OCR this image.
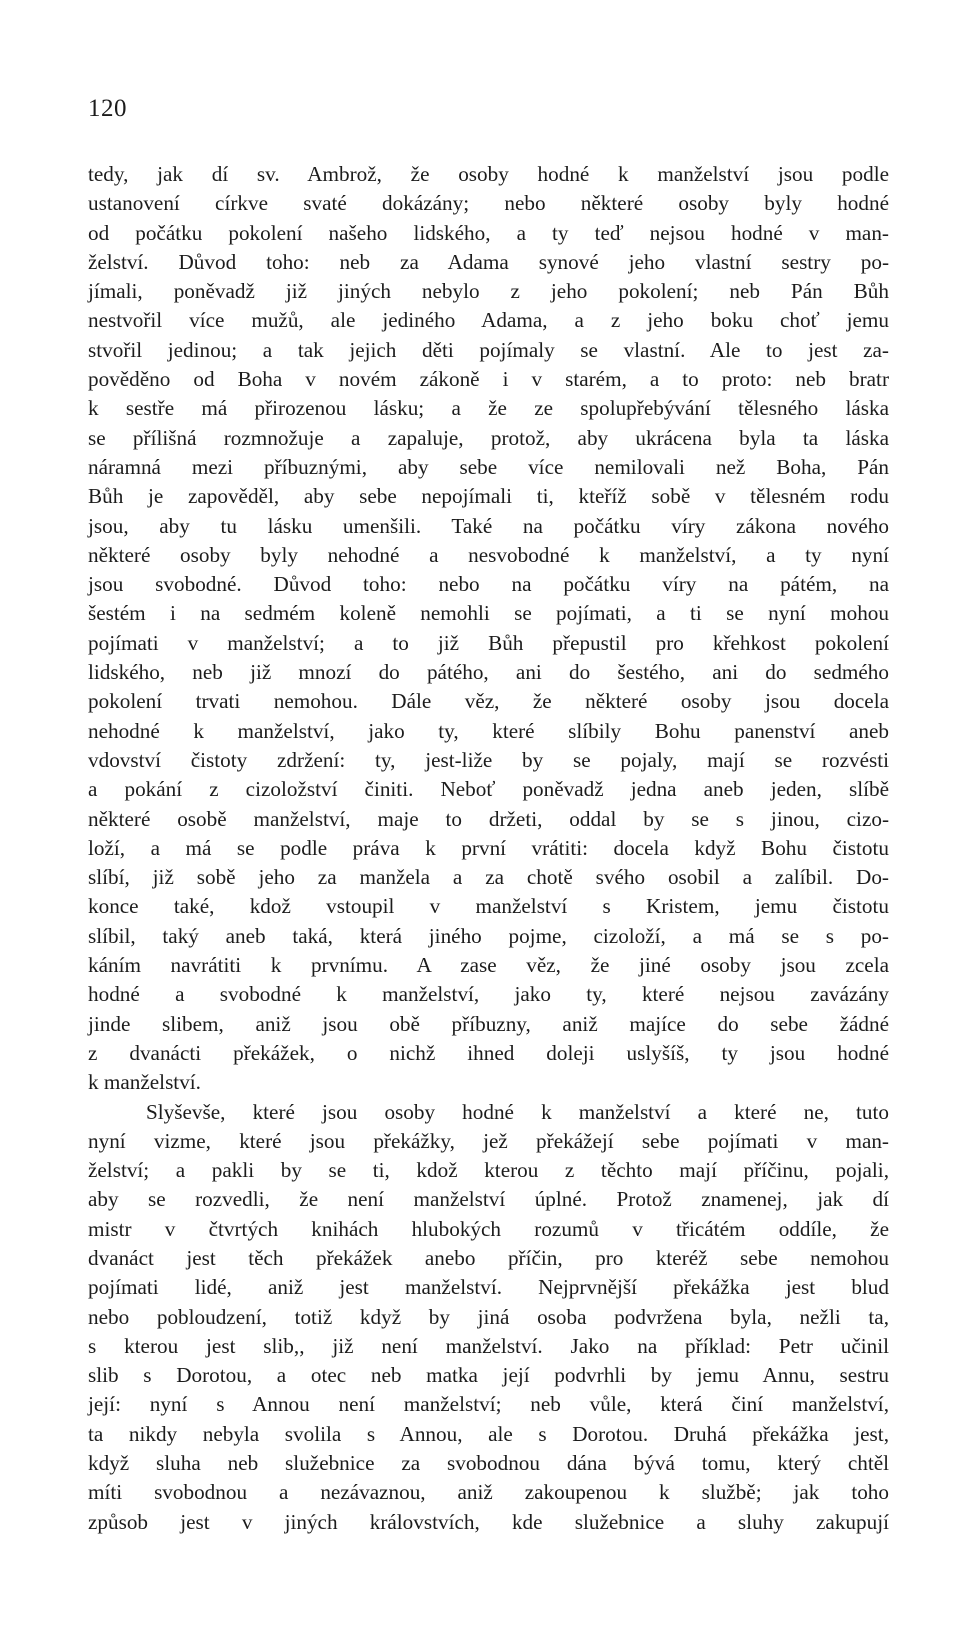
120
tedy, jak dí sv. Ambrož, že osoby hodné k manželství jsou podle
ustanovení církve svaté dokázány; nebo některé osoby byly hodné
od počátku pokolení našeho lidského, a ty teď nejsou hodné v man-
želství. Důvod toho: neb za Adama synové jeho vlastní sestry po-
jímali, poněvadž již jiných nebylo z jeho pokolení; neb Pán Bůh
nestvořil více mužů, ale jediného Adama, a z jeho boku choť jemu
stvořil jedinou; a tak jejich děti pojímaly se vlastní. Ale to jest za-
pověděno od Boha v novém zákoně i v starém, a to proto: neb bratr
k sestře má přirozenou lásku; a že ze spolupřebývání tělesného láska
se přílišná rozmnožuje a zapaluje, protož, aby ukrácena byla ta láska
náramná mezi příbuznými, aby sebe více nemilovali než Boha, Pán
Bůh je zapověděl, aby sebe nepojímali ti, kteříž sobě v tělesném rodu
jsou, aby tu lásku umenšili. Také na počátku víry zákona nového
některé osoby byly nehodné a nesvobodné k manželství, a ty nyní
jsou svobodné. Důvod toho: nebo na počátku víry na pátém, na
šestém i na sedmém koleně nemohli se pojímati, a ti se nyní mohou
pojímati v manželství; a to již Bůh přepustil pro křehkost pokolení
lidského, neb již mnozí do pátého, ani do šestého, ani do sedmého
pokolení trvati nemohou. Dále věz, že některé osoby jsou docela
nehodné k manželství, jako ty, které slíbily Bohu panenství aneb
vdovství čistoty zdržení: ty, jest-liže by se pojaly, mají se rozvésti
a pokání z cizoložství činiti. Neboť poněvadž jedna aneb jeden, slíbě
některé osobě manželství, maje to držeti, oddal by se s jinou, cizo-
loží, a má se podle práva k první vrátiti: docela když Bohu čistotu
slíbí, již sobě jeho za manžela a za chotě svého osobil a zalíbil. Do-
konce také, kdož vstoupil v manželství s Kristem, jemu čistotu
slíbil, taký aneb taká, která jiného pojme, cizoloží, a má se s po-
káním navrátiti k prvnímu. A zase věz, že jiné osoby jsou zcela
hodné a svobodné k manželství, jako ty, které nejsou zavázány
jinde slibem, aniž jsou obě příbuzny, aniž majíce do sebe žádné
z dvanácti překážek, o nichž ihned doleji uslyšíš, ty jsou hodné
k manželství.
Slyševše, které jsou osoby hodné k manželství a které ne, tuto
nyní vizme, které jsou překážky, jež překážejí sebe pojímati v man-
želství; a pakli by se ti, kdož kterou z těchto mají příčinu, pojali,
aby se rozvedli, že není manželství úplné. Protož znamenej, jak dí
mistr v čtvrtých knihách hlubokých rozumů v třicátém oddíle, že
dvanáct jest těch překážek anebo příčin, pro kteréž sebe nemohou
pojímati lidé, aniž jest manželství. Nejprvnější překážka jest blud
nebo pobloudzení, totiž když by jiná osoba podvržena byla, nežli ta,
s kterou jest slib,, již není manželství. Jako na příklad: Petr učinil
slib s Dorotou, a otec neb matka její podvrhli by jemu Annu, sestru
její: nyní s Annou není manželství; neb vůle, která činí manželství,
ta nikdy nebyla svolila s Annou, ale s Dorotou. Druhá překážka jest,
když sluha neb služebnice za svobodnou dána bývá tomu, který chtěl
míti svobodnou a nezávaznou, aniž zakoupenou k službě; jak toho
způsob jest v jiných královstvích, kde služebnice a sluhy zakupují
